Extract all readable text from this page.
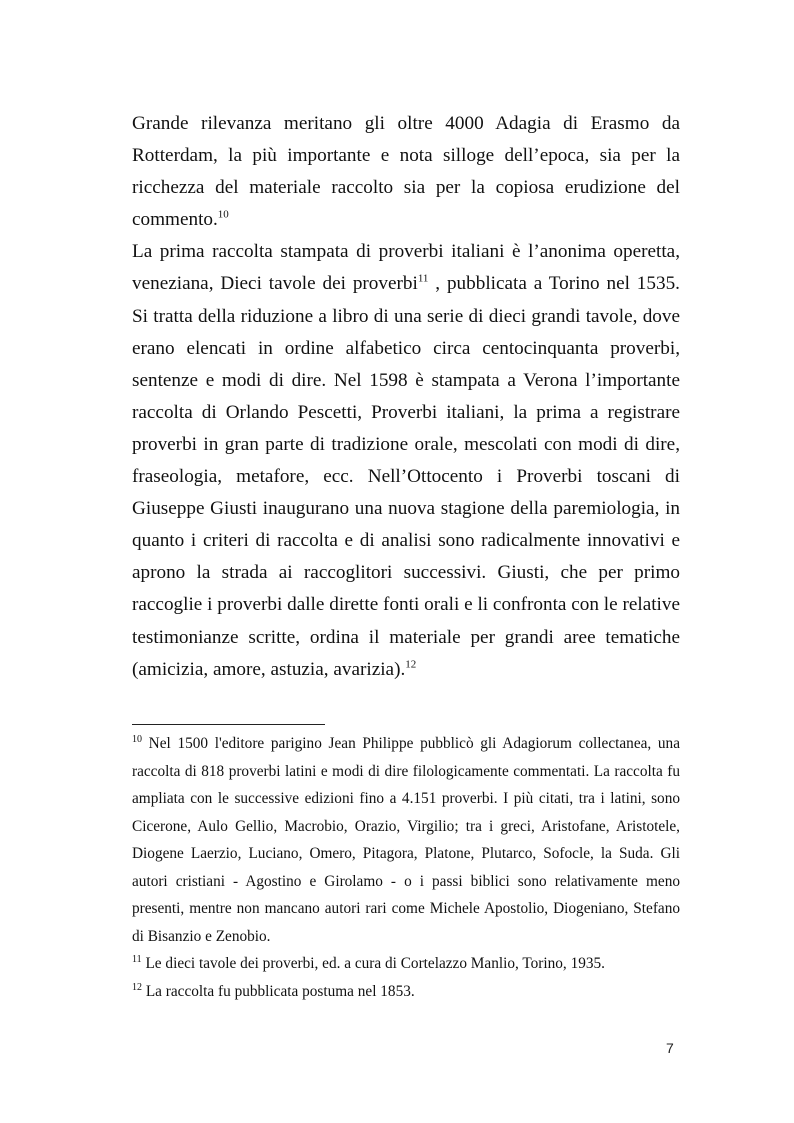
Grande rilevanza meritano gli oltre 4000 Adagia di Erasmo da Rotterdam, la più importante e nota silloge dell’epoca, sia per la ricchezza del materiale raccolto sia per la copiosa erudizione del commento.$^{10}$

La prima raccolta stampata di proverbi italiani è l’anonima operetta, veneziana, Dieci tavole dei proverbi$^{11}$ , pubblicata a Torino nel 1535. Si tratta della riduzione a libro di una serie di dieci grandi tavole, dove erano elencati in ordine alfabetico circa centocinquanta proverbi, sentenze e modi di dire. Nel 1598 è stampata a Verona l’importante raccolta di Orlando Pescetti, Proverbi italiani, la prima a registrare proverbi in gran parte di tradizione orale, mescolati con modi di dire, fraseologia, metafore, ecc. Nell’Ottocento i Proverbi toscani di Giuseppe Giusti inaugurano una nuova stagione della paremiologia, in quanto i criteri di raccolta e di analisi sono radicalmente innovativi e aprono la strada ai raccoglitori successivi. Giusti, che per primo raccoglie i proverbi dalle dirette fonti orali e li confronta con le relative testimonianze scritte, ordina il materiale per grandi aree tematiche (amicizia, amore, astuzia, avarizia).$^{12}$

$^{10}$ Nel 1500 l'editore parigino Jean Philippe pubblicò gli Adagiorum collectanea, una raccolta di 818 proverbi latini e modi di dire filologicamente commentati. La raccolta fu ampliata con le successive edizioni fino a 4.151 proverbi. I più citati, tra i latini, sono Cicerone, Aulo Gellio, Macrobio, Orazio, Virgilio; tra i greci, Aristofane, Aristotele, Diogene Laerzio, Luciano, Omero, Pitagora, Platone, Plutarco, Sofocle, la Suda. Gli autori cristiani - Agostino e Girolamo - o i passi biblici sono relativamente meno presenti, mentre non mancano autori rari come Michele Apostolio, Diogeniano, Stefano di Bisanzio e Zenobio.

$^{11}$ Le dieci tavole dei proverbi, ed. a cura di Cortelazzo Manlio, Torino, 1935.

$^{12}$ La raccolta fu pubblicata postuma nel 1853.

7
